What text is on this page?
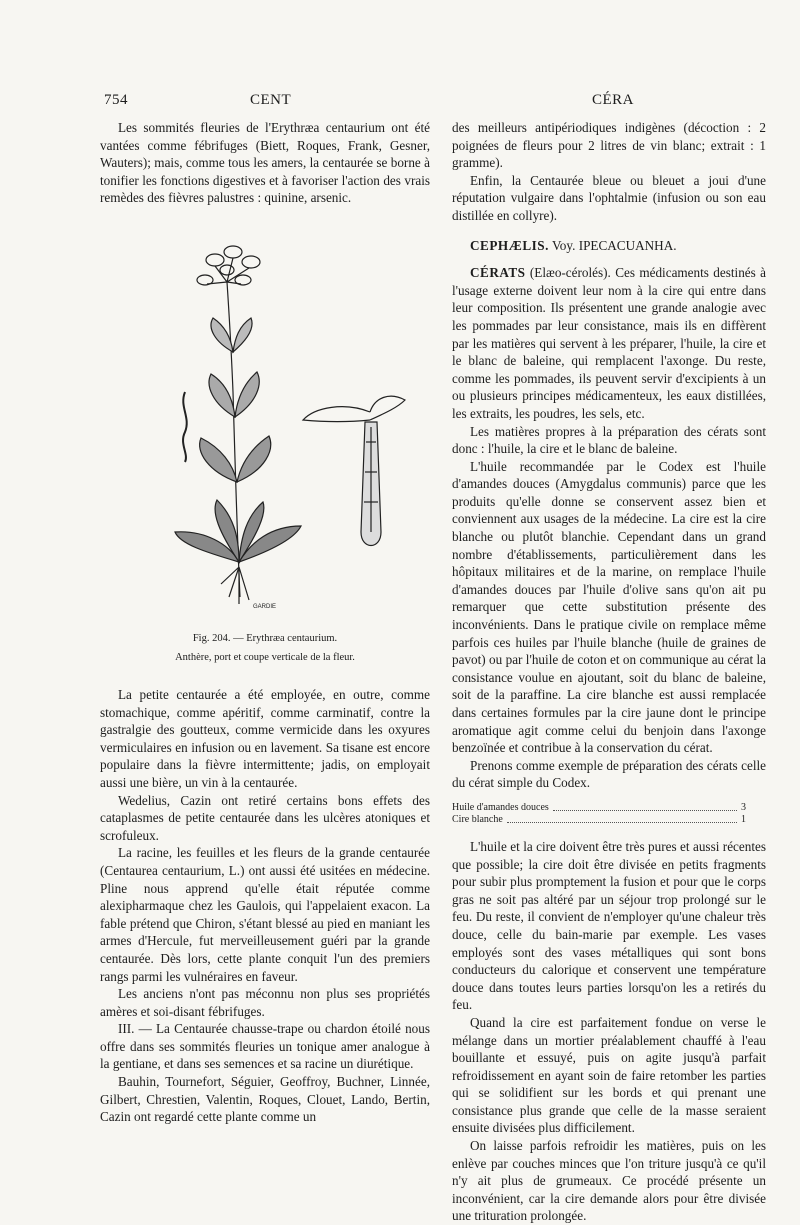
754	CENT	CÉRA

Les sommités fleuries de l'Erythræa centaurium ont été vantées comme fébrifuges (Biett, Roques, Frank, Gesner, Wauters); mais, comme tous les amers, la centaurée se borne à tonifier les fonctions digestives et à favoriser l'action des vrais remèdes des fièvres palustres : quinine, arsenic.

GARDIE
Fig. 204. — Erythræa centaurium.
Anthère, port et coupe verticale de la fleur.

La petite centaurée a été employée, en outre, comme stomachique, comme apéritif, comme carminatif, contre la gastralgie des goutteux, comme vermicide dans les oxyures vermiculaires en infusion ou en lavement. Sa tisane est encore populaire dans la fièvre intermittente; jadis, on employait aussi une bière, un vin à la centaurée.

Wedelius, Cazin ont retiré certains bons effets des cataplasmes de petite centaurée dans les ulcères atoniques et scrofuleux.

La racine, les feuilles et les fleurs de la grande centaurée (Centaurea centaurium, L.) ont aussi été usitées en médecine. Pline nous apprend qu'elle était réputée comme alexipharmaque chez les Gaulois, qui l'appelaient exacon. La fable prétend que Chiron, s'étant blessé au pied en maniant les armes d'Hercule, fut merveilleusement guéri par la grande centaurée. Dès lors, cette plante conquit l'un des premiers rangs parmi les vulnéraires en faveur.

Les anciens n'ont pas méconnu non plus ses propriétés amères et soi-disant fébrifuges.

III. — La Centaurée chausse-trape ou chardon étoilé nous offre dans ses sommités fleuries un tonique amer analogue à la gentiane, et dans ses semences et sa racine un diurétique.

Bauhin, Tournefort, Séguier, Geoffroy, Buchner, Linnée, Gilbert, Chrestien, Valentin, Roques, Clouet, Lando, Bertin, Cazin ont regardé cette plante comme un

des meilleurs antipériodiques indigènes (décoction : 2 poignées de fleurs pour 2 litres de vin blanc; extrait : 1 gramme).

Enfin, la Centaurée bleue ou bleuet a joui d'une réputation vulgaire dans l'ophtalmie (infusion ou son eau distillée en collyre).

CEPHÆLIS. Voy. IPECACUANHA.

CÉRATS (Elæo-cérolés). Ces médicaments destinés à l'usage externe doivent leur nom à la cire qui entre dans leur composition. Ils présentent une grande analogie avec les pommades par leur consistance, mais ils en diffèrent par les matières qui servent à les préparer, l'huile, la cire et le blanc de baleine, qui remplacent l'axonge. Du reste, comme les pommades, ils peuvent servir d'excipients à un ou plusieurs principes médicamenteux, les eaux distillées, les extraits, les poudres, les sels, etc.

Les matières propres à la préparation des cérats sont donc : l'huile, la cire et le blanc de baleine.

L'huile recommandée par le Codex est l'huile d'amandes douces (Amygdalus communis) parce que les produits qu'elle donne se conservent assez bien et conviennent aux usages de la médecine. La cire est la cire blanche ou plutôt blanchie. Cependant dans un grand nombre d'établissements, particulièrement dans les hôpitaux militaires et de la marine, on remplace l'huile d'amandes douces par l'huile d'olive sans qu'on ait pu remarquer que cette substitution présente des inconvénients. Dans le pratique civile on remplace même parfois ces huiles par l'huile blanche (huile de graines de pavot) ou par l'huile de coton et on communique au cérat la consistance voulue en ajoutant, soit du blanc de baleine, soit de la paraffine. La cire blanche est aussi remplacée dans certaines formules par la cire jaune dont le principe aromatique agit comme celui du benjoin dans l'axonge benzoïnée et contribue à la conservation du cérat.

Prenons comme exemple de préparation des cérats celle du cérat simple du Codex.

Huile d'amandes douces	3
Cire blanche	1

L'huile et la cire doivent être très pures et aussi récentes que possible; la cire doit être divisée en petits fragments pour subir plus promptement la fusion et pour que le corps gras ne soit pas altéré par un séjour trop prolongé sur le feu. Du reste, il convient de n'employer qu'une chaleur très douce, celle du bain-marie par exemple. Les vases employés sont des vases métalliques qui sont bons conducteurs du calorique et conservent une température douce dans toutes leurs parties lorsqu'on les a retirés du feu.

Quand la cire est parfaitement fondue on verse le mélange dans un mortier préalablement chauffé à l'eau bouillante et essuyé, puis on agite jusqu'à parfait refroidissement en ayant soin de faire retomber les parties qui se solidifient sur les bords et qui prenant une consistance plus grande que celle de la masse seraient ensuite divisées plus difficilement.

On laisse parfois refroidir les matières, puis on les enlève par couches minces que l'on triture jusqu'à ce qu'il n'y ait plus de grumeaux. Ce procédé présente un inconvénient, car la cire demande alors pour être divisée une trituration prolongée.
